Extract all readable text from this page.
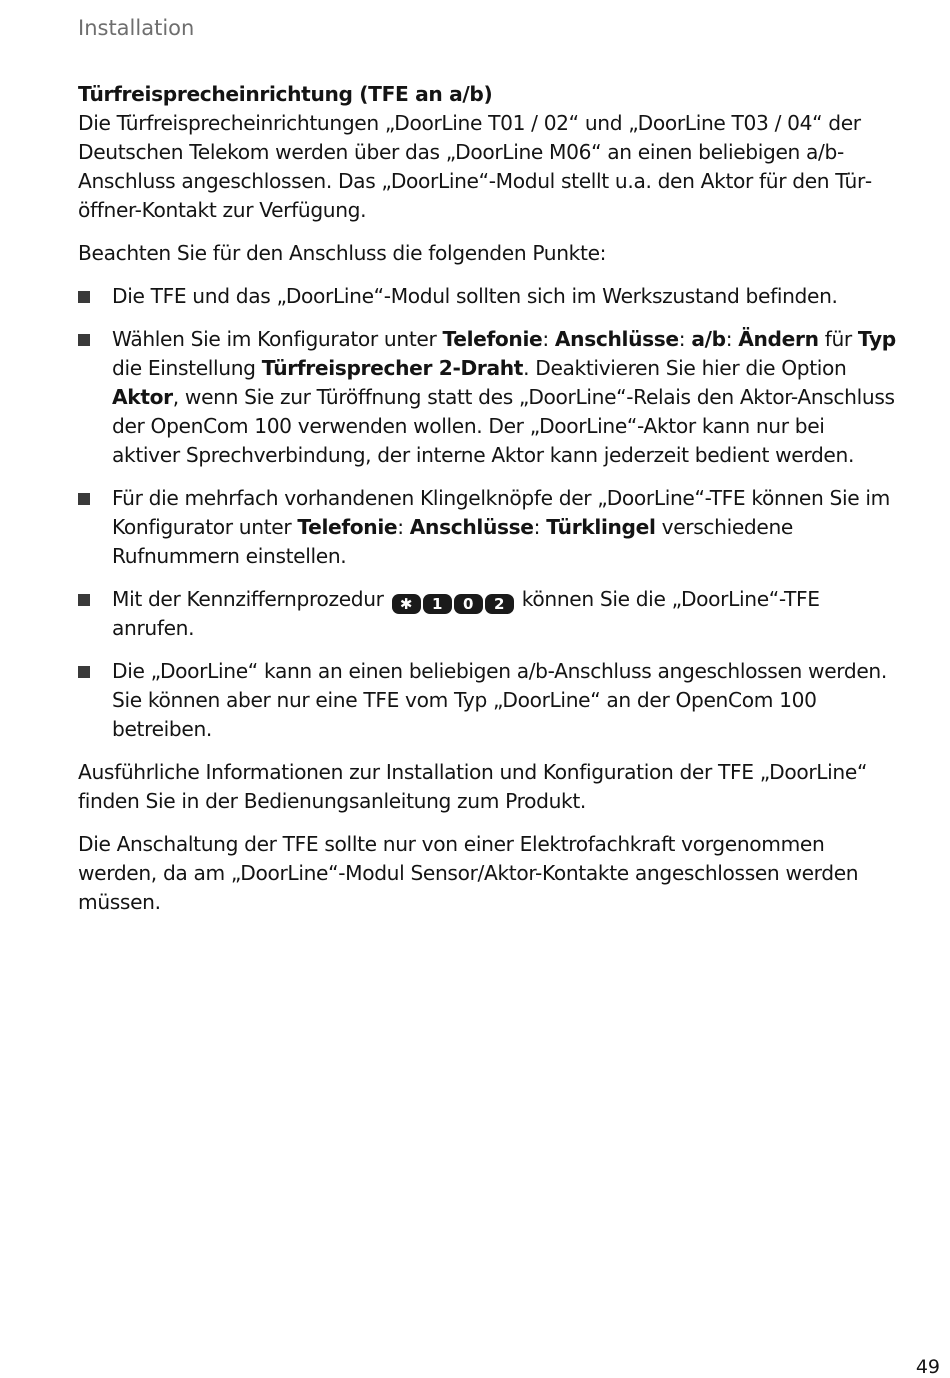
Installation

Türfreisprecheinrichtung (TFE an a/b)

Die Türfreisprecheinrichtungen „DoorLine T01 / 02“ und „DoorLine T03 / 04“ der Deutschen Telekom werden über das „DoorLine M06“ an einen beliebigen a/b-Anschluss angeschlossen. Das „DoorLine“-Modul stellt u.a. den Aktor für den Türöffner-Kontakt zur Verfügung.

Beachten Sie für den Anschluss die folgenden Punkte:

Die TFE und das „DoorLine“-Modul sollten sich im Werkszustand befinden.
Wählen Sie im Konfigurator unter Telefonie: Anschlüsse: a/b: Ändern für Typ die Einstellung Türfreisprecher 2-Draht. Deaktivieren Sie hier die Option Aktor, wenn Sie zur Türöffnung statt des „DoorLine“-Relais den Aktor-Anschluss der OpenCom 100 verwenden wollen. Der „DoorLine“-Aktor kann nur bei aktiver Sprechverbindung, der interne Aktor kann jederzeit bedient werden.
Für die mehrfach vorhandenen Klingelknöpfe der „DoorLine“-TFE können Sie im Konfigurator unter Telefonie: Anschlüsse: Türklingel verschiedene Rufnummern einstellen.
Mit der Kennziffernprozedur ✱	1	0	2 können Sie die „DoorLine“-TFE anrufen.
Die „DoorLine“ kann an einen beliebigen a/b-Anschluss angeschlossen werden. Sie können aber nur eine TFE vom Typ „DoorLine“ an der OpenCom 100 betreiben.

Ausführliche Informationen zur Installation und Konfiguration der TFE „DoorLine“ finden Sie in der Bedienungsanleitung zum Produkt.

Die Anschaltung der TFE sollte nur von einer Elektrofachkraft vorgenommen werden, da am „DoorLine“-Modul Sensor/Aktor-Kontakte angeschlossen werden müssen.

49
